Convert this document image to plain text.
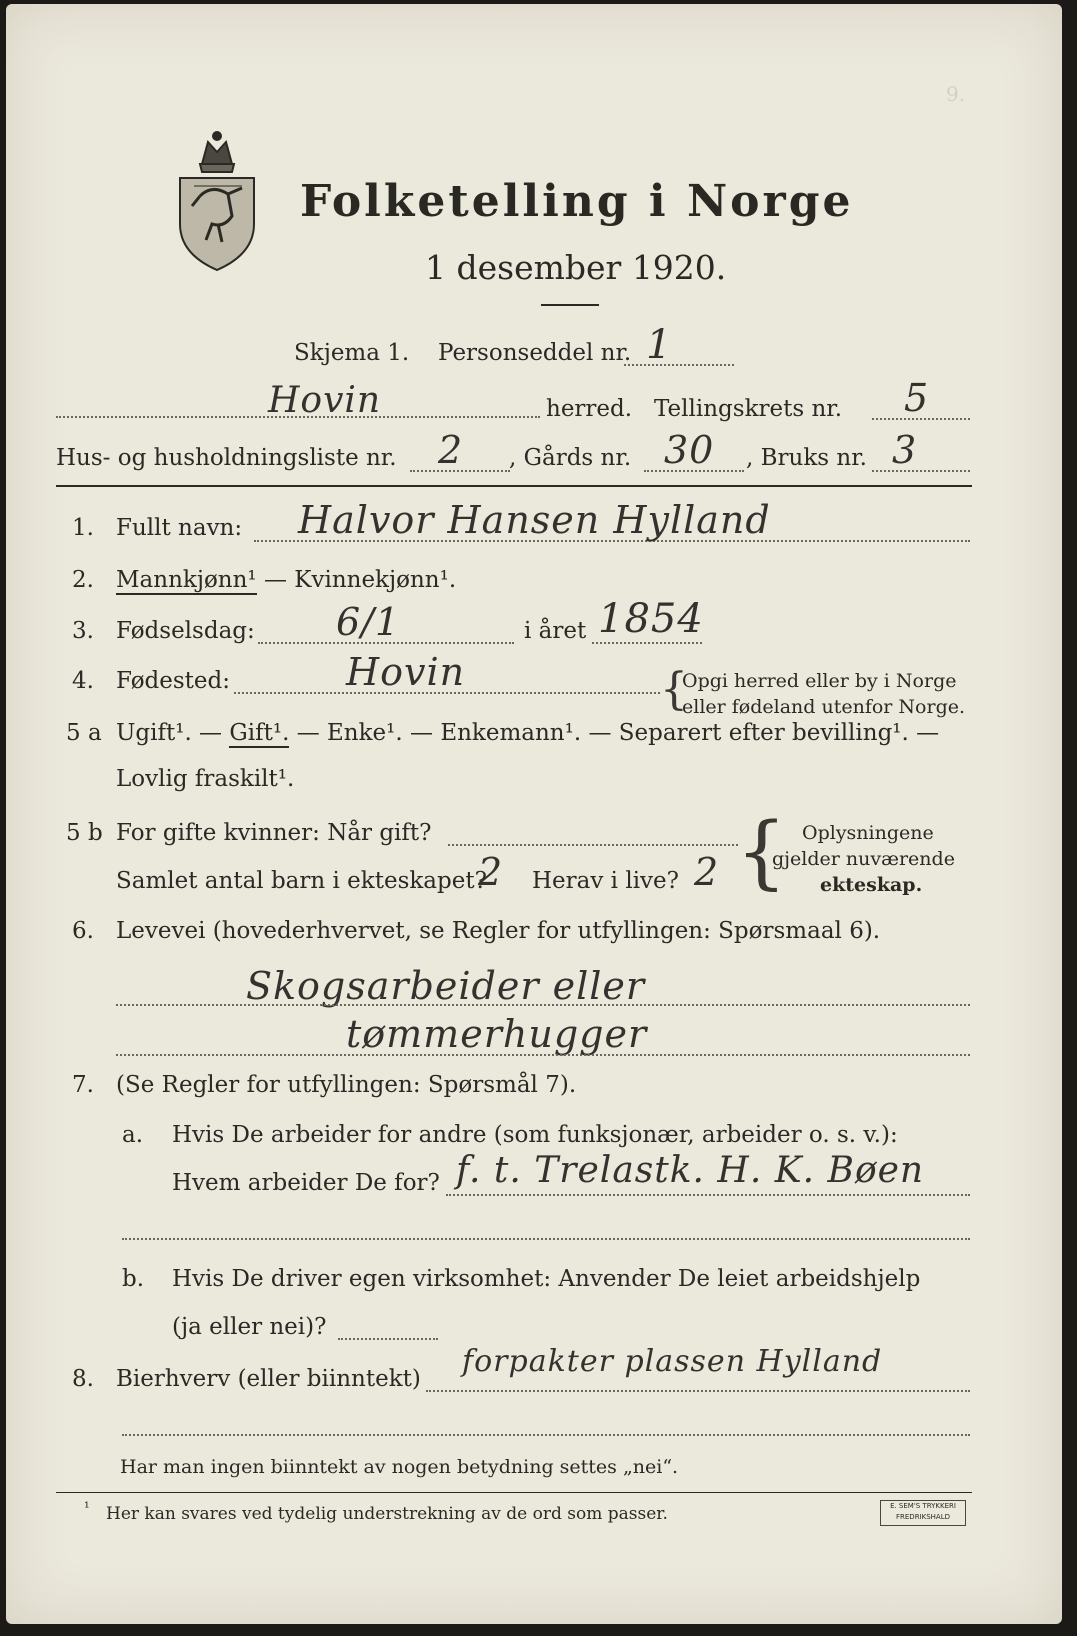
9.
Folketelling i Norge
1 desember 1920.
Skjema 1. Personseddel nr. 1
Hovin	herred. Tellingskrets nr. 5
Hus- og husholdningsliste nr. 2 , Gårds nr. 30 , Bruks nr. 3
1. Fullt navn: Halvor Hansen Hylland
2. Mannkjønn¹ — Kvinnekjønn¹.
3. Fødselsdag: 6/1	i året 1854
4. Fødested:	Hovin	{
Opgi herred eller by i Norge
eller fødeland utenfor Norge.
5 a Ugift¹. — Gift¹. — Enke¹. — Enkemann¹. — Separert efter bevilling¹. —
Lovlig fraskilt¹.
5 b For gifte kvinner: Når gift?
Samlet antal barn i ekteskapet?
2 Herav i live? 2 { Oplysningene
gjelder nuværende
ekteskap.
6. Levevei (hovederhvervet, se Regler for utfyllingen: Spørsmaal 6).
Skogsarbeider eller
tømmerhugger
7. (Se Regler for utfyllingen: Spørsmål 7).
a. Hvis De arbeider for andre (som funksjonær, arbeider o. s. v.):
Hvem arbeider De for? f. t. Trelastk. H. K. Bøen
b. Hvis De driver egen virksomhet: Anvender De leiet arbeidshjelp
(ja eller nei)?
8. Bierhverv (eller biinntekt) forpakter plassen Hylland
Har man ingen biinntekt av nogen betydning settes „nei“.
¹ Her kan svares ved tydelig understrekning av de ord som passer.	E. SEM'S TRYKKERI
FREDRIKSHALD
